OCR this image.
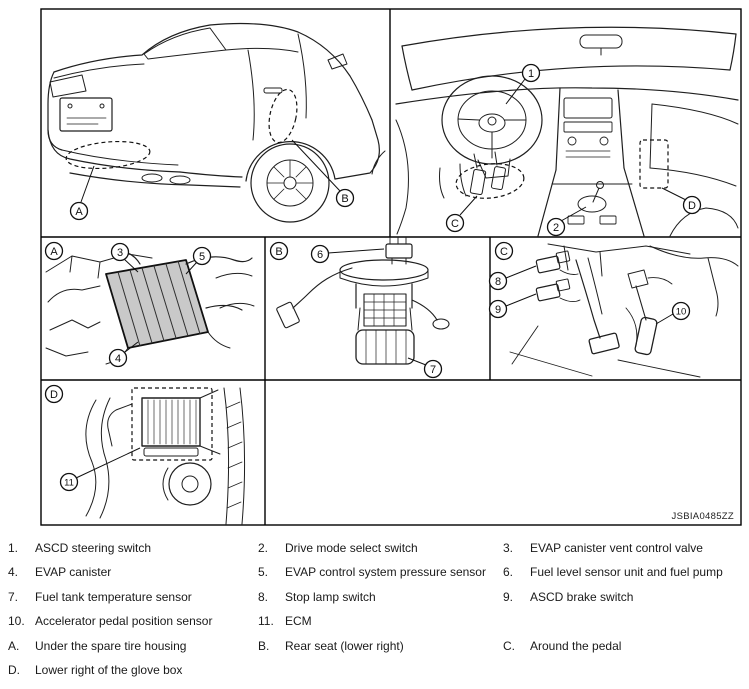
A
B
1
2
C
D
A	3	5
4
B	6
7
C
8
9	10
D
11
JSBIA0485ZZ
1.	ASCD steering switch	2.	Drive mode select switch	3.	EVAP canister vent control valve
4.	EVAP canister	5.	EVAP control system pressure sensor	6.	Fuel level sensor unit and fuel pump
7.	Fuel tank temperature sensor	8.	Stop lamp switch	9.	ASCD brake switch
10. Accelerator pedal position sensor	11. ECM
A.	Under the spare tire housing	B.	Rear seat (lower right)	C.	Around the pedal
D.	Lower right of the glove box
